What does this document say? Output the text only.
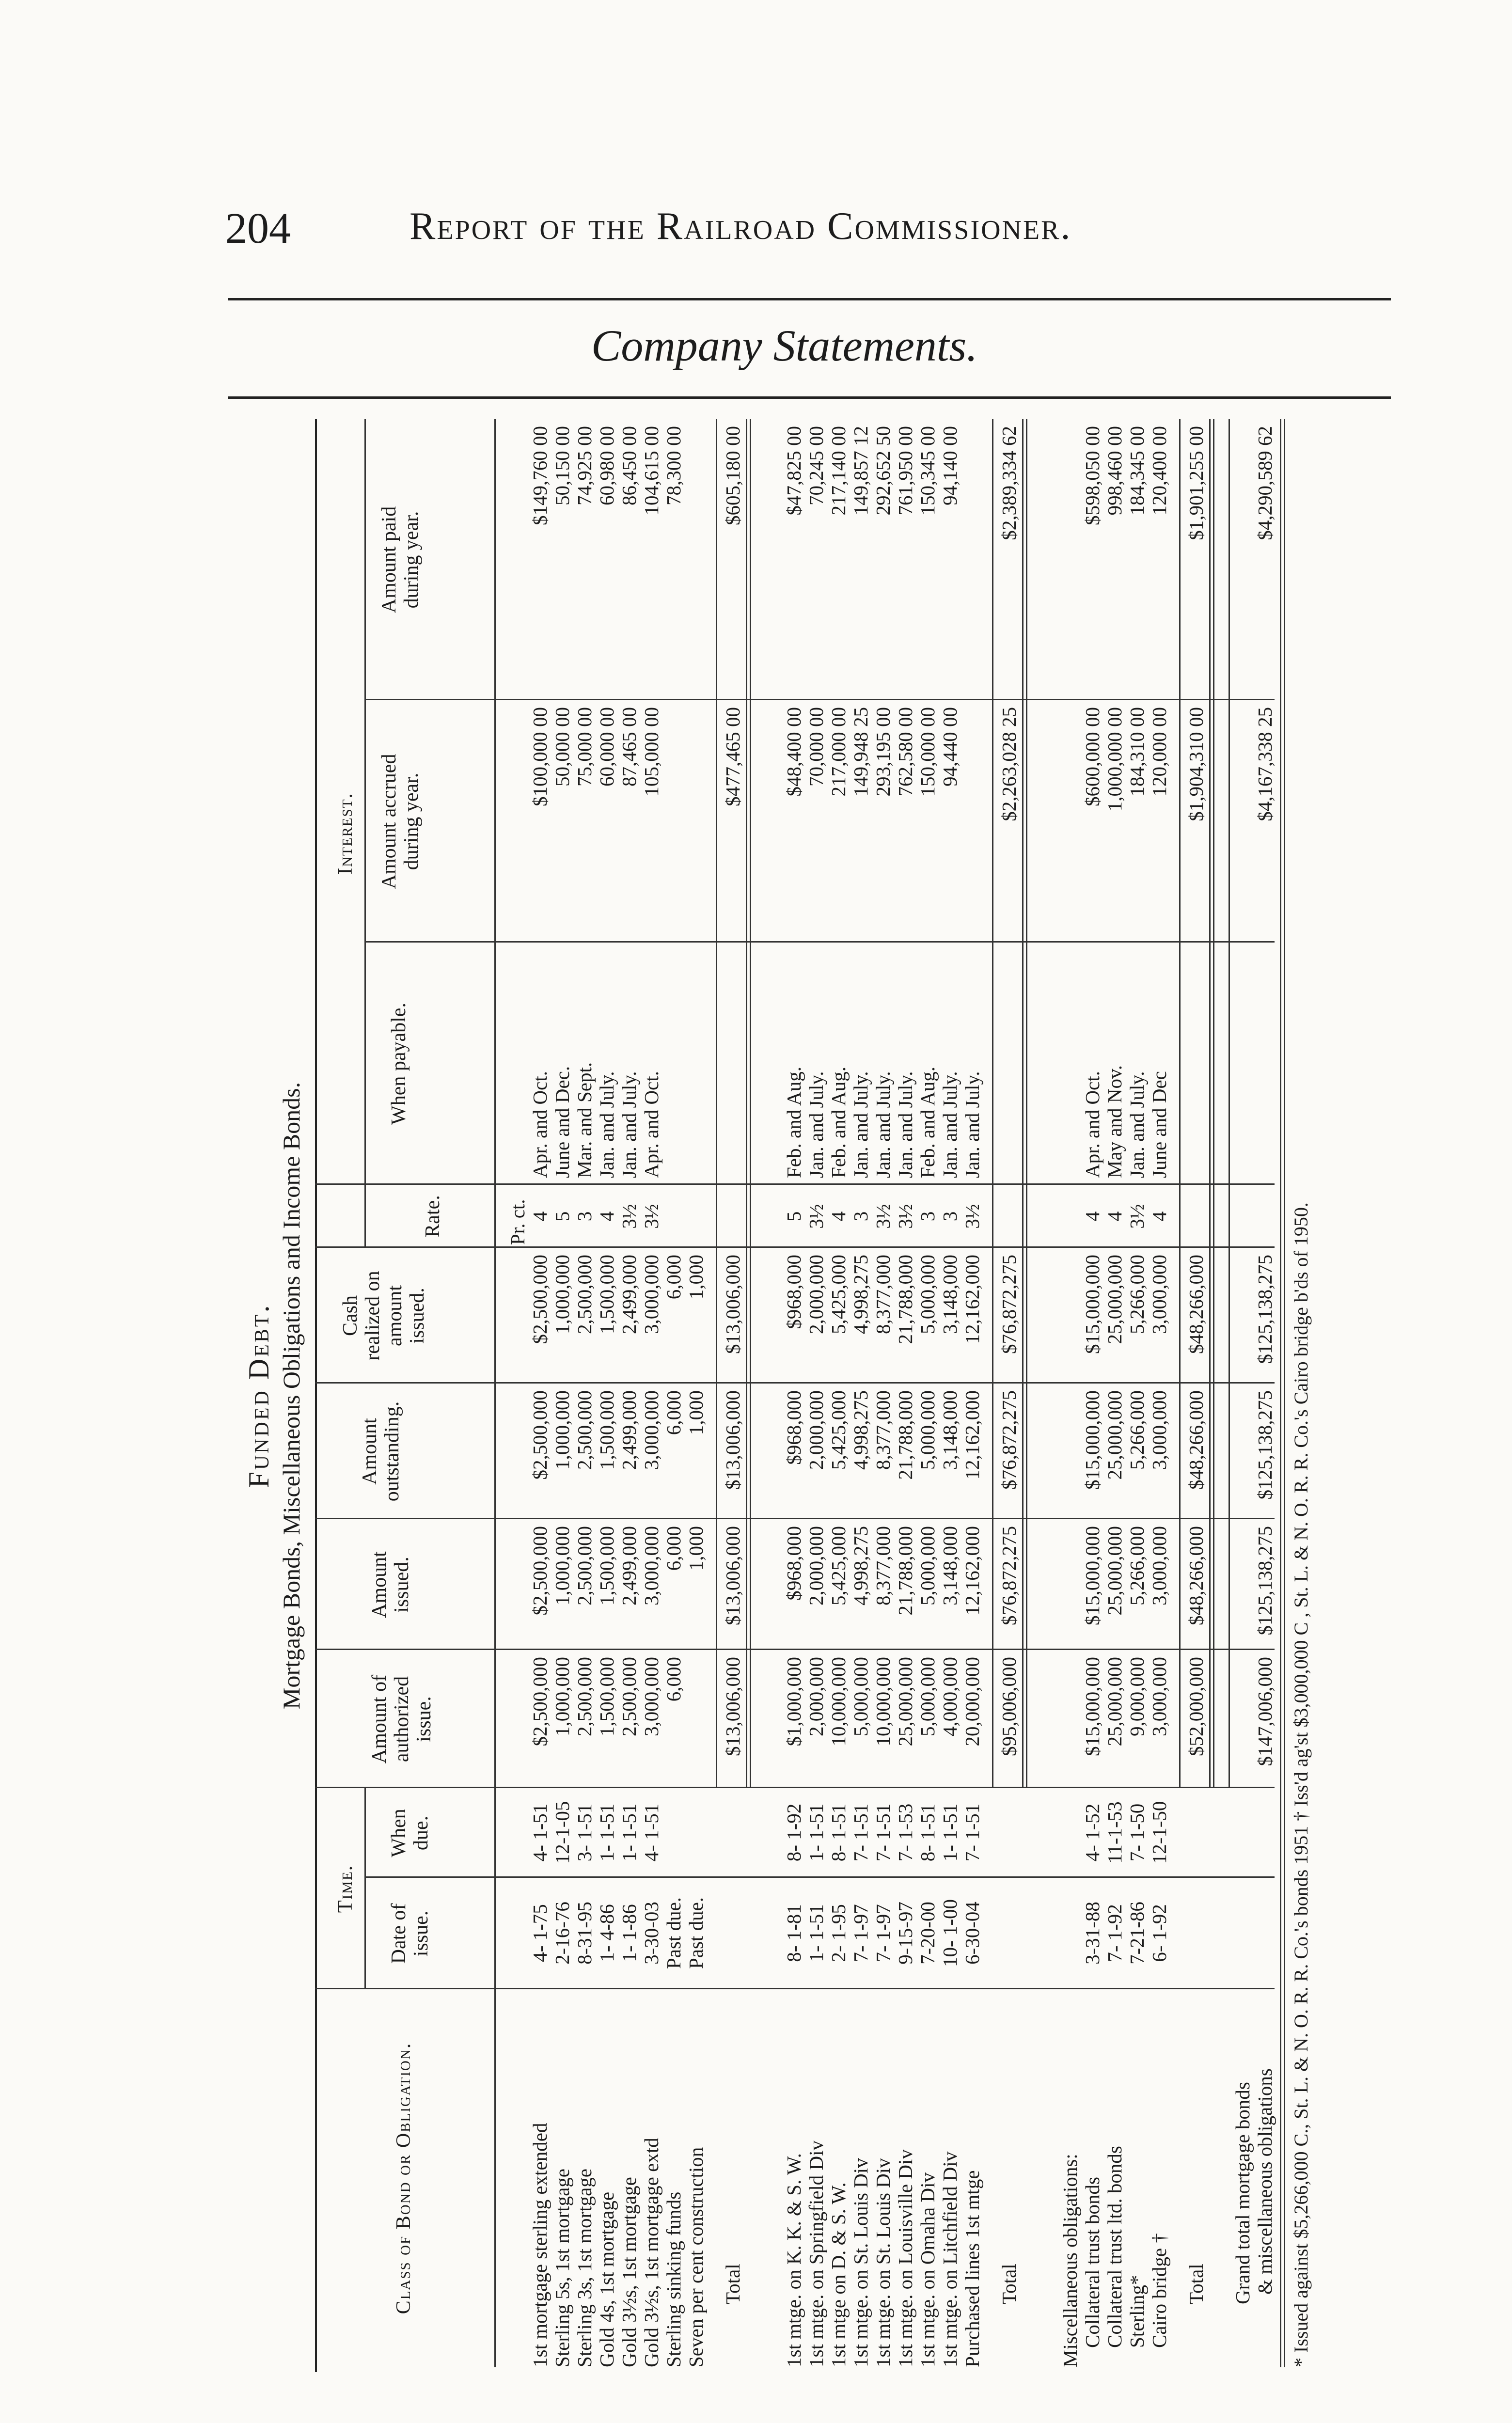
204	Report of the Railroad Commissioner.
Company Statements.
Funded Debt. Mortgage Bonds, Miscellaneous Obligations and Income Bonds.
Class of Bond or Obligation.
Time.
Date of issue.
When due.
Amount of authorized issue.
Amount issued.
Amount outstanding.
Cash realized on amount issued.
Interest.
Rate.
When payable.
Amount accrued during year.
Amount paid during year.
Pr. ct.
1st mortgage sterling extended
4- 1-75
4- 1-51
$2,500,000
$2,500,000
$2,500,000
$2,500,000
4
Apr. and Oct.
$100,000 00
$149,760 00
Sterling 5s, 1st mortgage
2-16-76
12-1-05
1,000,000
1,000,000
1,000,000
1,000,000
5
June and Dec.
50,000 00
50,150 00
Sterling 3s, 1st mortgage
8-31-95
3- 1-51
2,500,000
2,500,000
2,500,000
2,500,000
3
Mar. and Sept.
75,000 00
74,925 00
Gold 4s, 1st mortgage
1- 4-86
1- 1-51
1,500,000
1,500,000
1,500,000
1,500,000
4
Jan. and July.
60,000 00
60,980 00
Gold 3½s, 1st mortgage
1- 1-86
1- 1-51
2,500,000
2,499,000
2,499,000
2,499,000
3½
Jan. and July.
87,465 00
86,450 00
Gold 3½s, 1st mortgage extd
3-30-03
4- 1-51
3,000,000
3,000,000
3,000,000
3,000,000
3½
Apr. and Oct.
105,000 00
104,615 00
Sterling sinking funds
Past due.
6,000
6,000
6,000
6,000
78,300 00
Seven per cent construction
Past due.
1,000
1,000
1,000
Total
$13,006,000
$13,006,000
$13,006,000
$13,006,000
$477,465 00
$605,180 00
1st mtge. on K. K. & S. W.
8- 1-81
8- 1-92
$1,000,000
$968,000
$968,000
$968,000
5
Feb. and Aug.
$48,400 00
$47,825 00
1st mtge. on Springfield Div
1- 1-51
1- 1-51
2,000,000
2,000,000
2,000,000
2,000,000
3½
Jan. and July.
70,000 00
70,245 00
1st mtge on D. & S. W.
2- 1-95
8- 1-51
10,000,000
5,425,000
5,425,000
5,425,000
4
Feb. and Aug.
217,000 00
217,140 00
1st mtge. on St. Louis Div
7- 1-97
7- 1-51
5,000,000
4,998,275
4,998,275
4,998,275
3
Jan. and July.
149,948 25
149,857 12
1st mtge. on St. Louis Div
7- 1-97
7- 1-51
10,000,000
8,377,000
8,377,000
8,377,000
3½
Jan. and July.
293,195 00
292,652 50
1st mtge. on Louisville Div
9-15-97
7- 1-53
25,000,000
21,788,000
21,788,000
21,788,000
3½
Jan. and July.
762,580 00
761,950 00
1st mtge. on Omaha Div
7-20-00
8- 1-51
5,000,000
5,000,000
5,000,000
5,000,000
3
Feb. and Aug.
150,000 00
150,345 00
1st mtge. on Litchfield Div
10- 1-00
1- 1-51
4,000,000
3,148,000
3,148,000
3,148,000
3
Jan. and July.
94,440 00
94,140 00
Purchased lines 1st mtge
6-30-04
7- 1-51
20,000,000
12,162,000
12,162,000
12,162,000
3½
Jan. and July.
Total
$95,006,000
$76,872,275
$76,872,275
$76,872,275
$2,263,028 25
$2,389,334 62
Miscellaneous obligations: Collateral trust bonds
3-31-88
4- 1-52
$15,000,000
$15,000,000
$15,000,000
$15,000,000
4
Apr. and Oct.
$600,000 00
$598,050 00
Collateral trust ltd. bonds
7- 1-92
11-1-53
25,000,000
25,000,000
25,000,000
25,000,000
4
May and Nov.
1,000,000 00
998,460 00
Sterling*
7-21-86
7- 1-50
9,000,000
5,266,000
5,266,000
5,266,000
3½
Jan. and July.
184,310 00
184,345 00
Cairo bridge †
6- 1-92
12-1-50
3,000,000
3,000,000
3,000,000
3,000,000
4
June and Dec
120,000 00
120,400 00
Total
$52,000,000
$48,266,000
$48,266,000
$48,266,000
$1,904,310 00
$1,901,255 00
Grand total mortgage bonds & miscellaneous obligations
$147,006,000
$125,138,275
$125,138,275
$125,138,275
$4,167,338 25
$4,290,589 62
* Issued against $5,266,000 C., St. L. & N. O. R. R. Co.'s bonds 1951 † Iss'd ag'st $3,000,000 C , St. L. & N. O. R. R. Co.'s Cairo bridge b'ds of 1950.
